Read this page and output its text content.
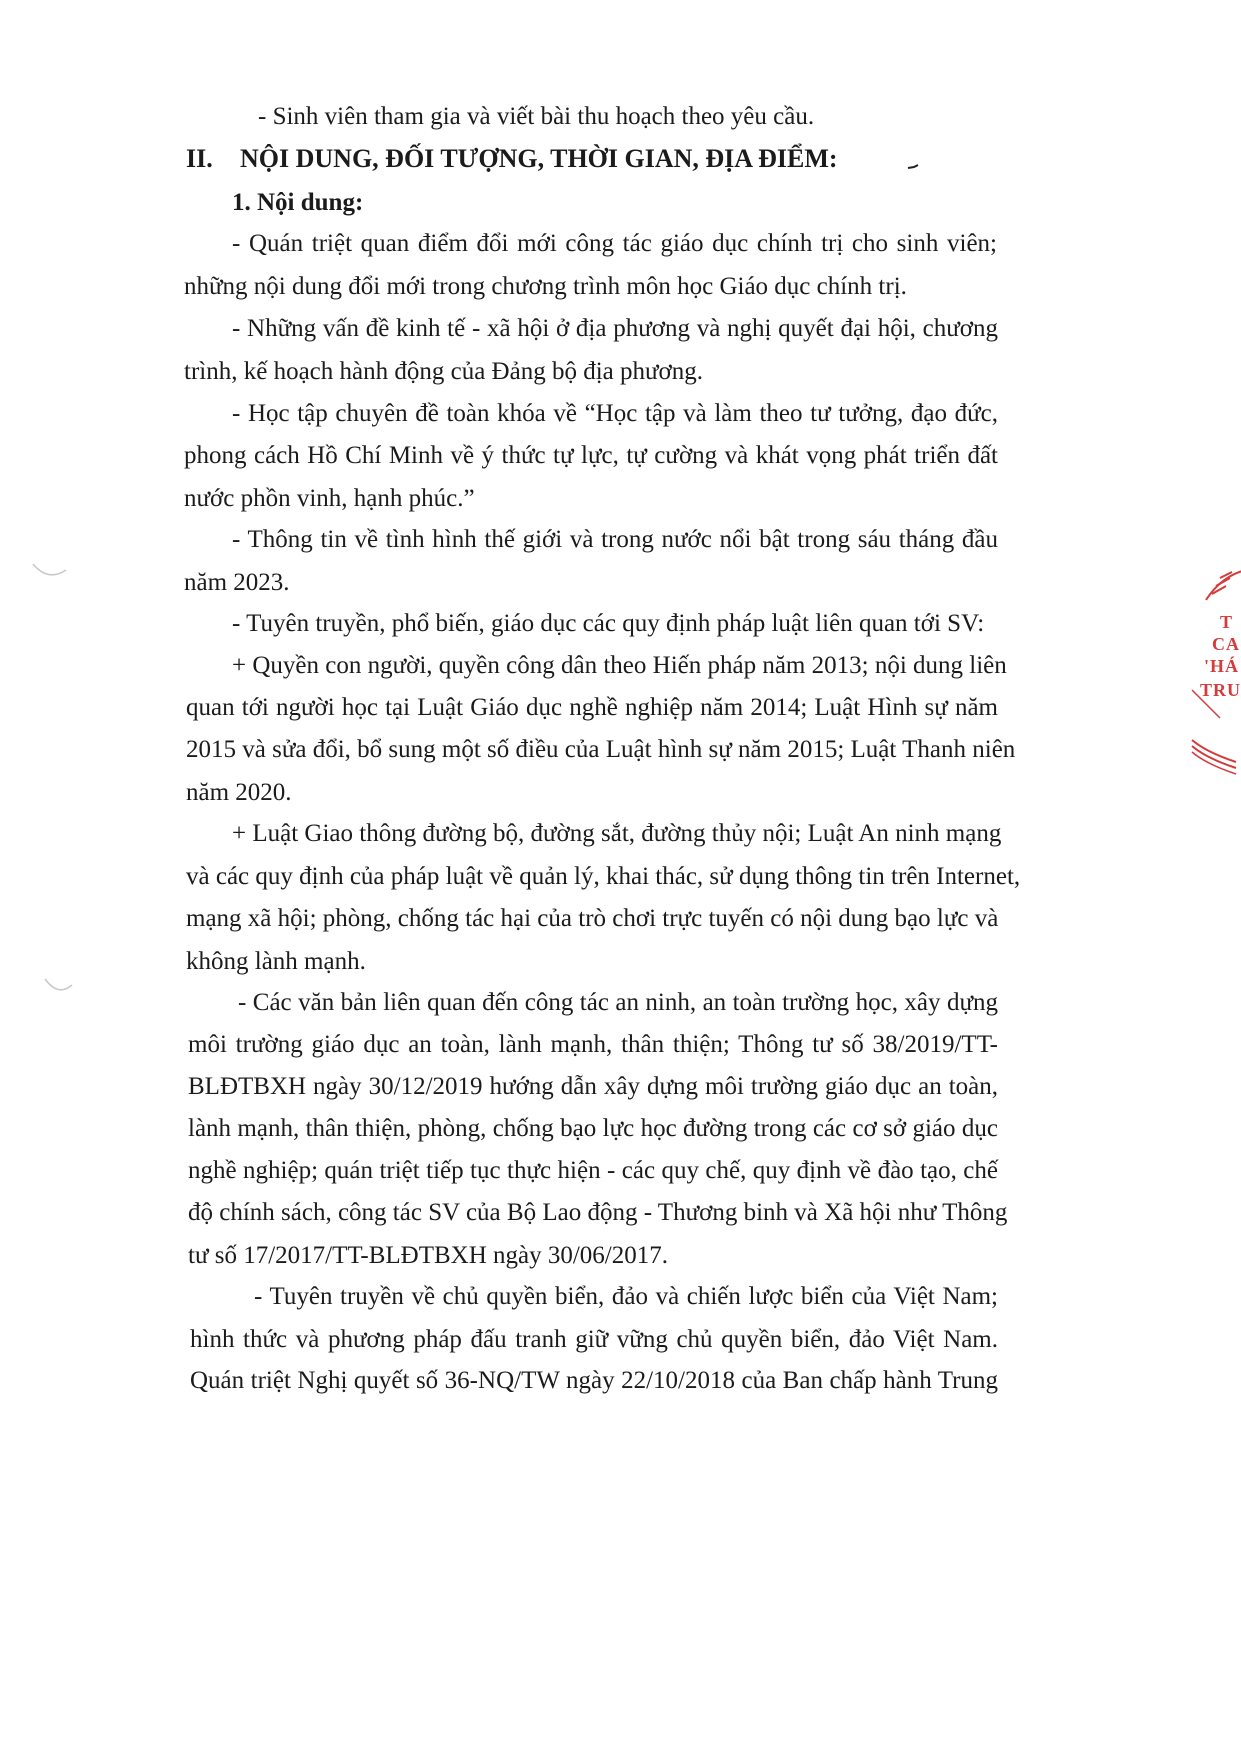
- Sinh viên tham gia và viết bài thu hoạch theo yêu cầu.
II. NỘI DUNG, ĐỐI TƯỢNG, THỜI GIAN, ĐỊA ĐIỂM:
1. Nội dung:
- Quán triệt quan điểm đổi mới công tác giáo dục chính trị cho sinh viên;
những nội dung đổi mới trong chương trình môn học Giáo dục chính trị.
- Những vấn đề kinh tế - xã hội ở địa phương và nghị quyết đại hội, chương
trình, kế hoạch hành động của Đảng bộ địa phương.
- Học tập chuyên đề toàn khóa về “Học tập và làm theo tư tưởng, đạo đức,
phong cách Hồ Chí Minh về ý thức tự lực, tự cường và khát vọng phát triển đất
nước phồn vinh, hạnh phúc.”
- Thông tin về tình hình thế giới và trong nước nổi bật trong sáu tháng đầu
năm 2023.
- Tuyên truyền, phổ biến, giáo dục các quy định pháp luật liên quan tới SV:
+ Quyền con người, quyền công dân theo Hiến pháp năm 2013; nội dung liên
quan tới người học tại Luật Giáo dục nghề nghiệp năm 2014; Luật Hình sự năm
2015 và sửa đổi, bổ sung một số điều của Luật hình sự năm 2015; Luật Thanh niên
năm 2020.
+ Luật Giao thông đường bộ, đường sắt, đường thủy nội; Luật An ninh mạng
và các quy định của pháp luật về quản lý, khai thác, sử dụng thông tin trên Internet,
mạng xã hội; phòng, chống tác hại của trò chơi trực tuyến có nội dung bạo lực và
không lành mạnh.
- Các văn bản liên quan đến công tác an ninh, an toàn trường học, xây dựng
môi trường giáo dục an toàn, lành mạnh, thân thiện; Thông tư số 38/2019/TT-
BLĐTBXH ngày 30/12/2019 hướng dẫn xây dựng môi trường giáo dục an toàn,
lành mạnh, thân thiện, phòng, chống bạo lực học đường trong các cơ sở giáo dục
nghề nghiệp; quán triệt tiếp tục thực hiện - các quy chế, quy định về đào tạo, chế
độ chính sách, công tác SV của Bộ Lao động - Thương binh và Xã hội như Thông
tư số 17/2017/TT-BLĐTBXH ngày 30/06/2017.
- Tuyên truyền về chủ quyền biển, đảo và chiến lược biển của Việt Nam;
hình thức và phương pháp đấu tranh giữ vững chủ quyền biển, đảo Việt Nam.
Quán triệt Nghị quyết số 36-NQ/TW ngày 22/10/2018 của Ban chấp hành Trung
T
CA
'HÁ
TRU
